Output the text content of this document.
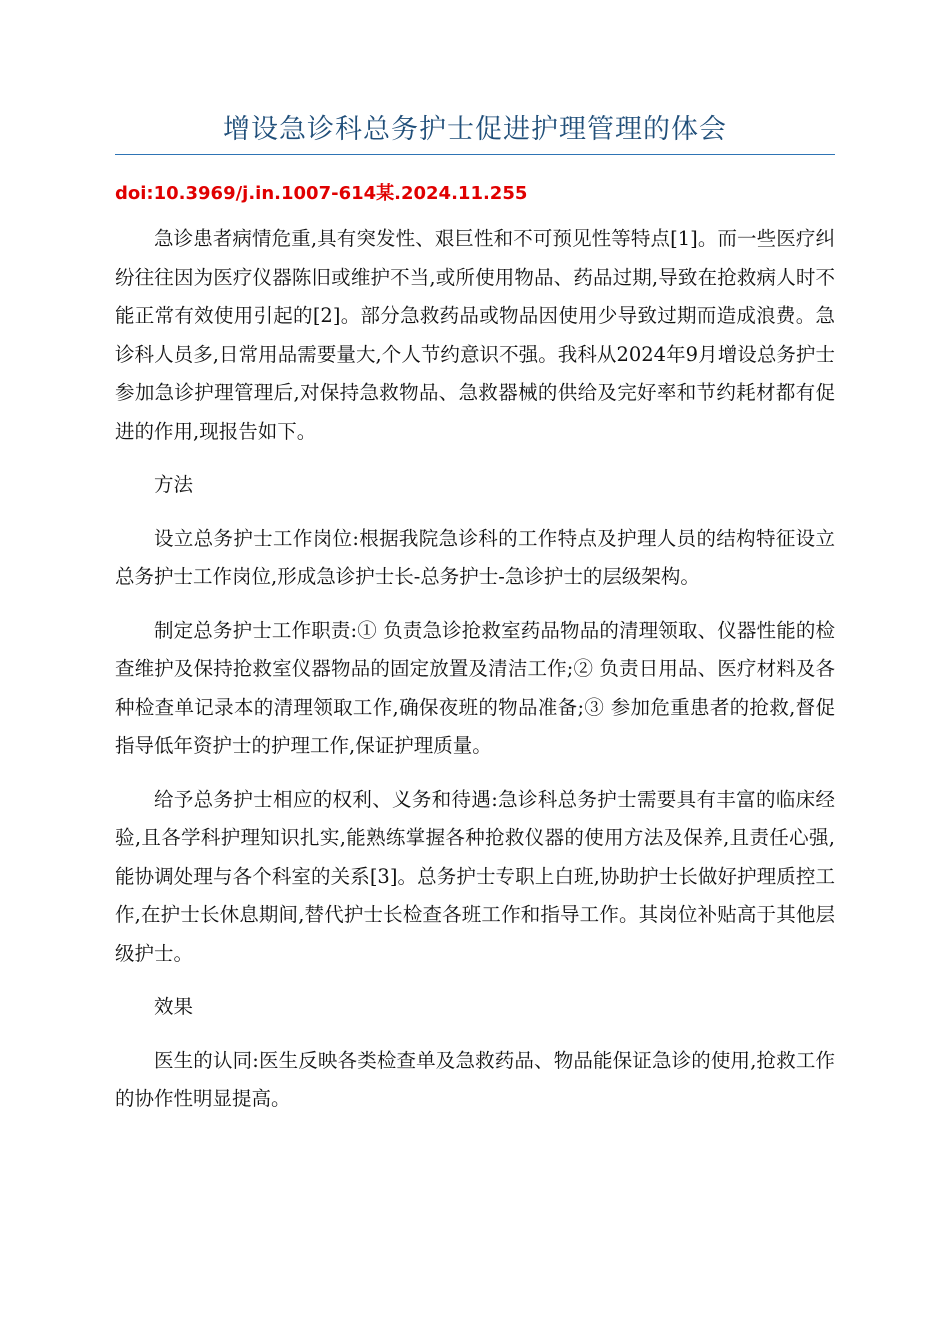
增设急诊科总务护士促进护理管理的体会
doi:10.3969/j.in.1007-614某.2024.11.255

急诊患者病情危重,具有突发性、艰巨性和不可预见性等特点[1]。而一些医疗纠纷往往因为医疗仪器陈旧或维护不当,或所使用物品、药品过期,导致在抢救病人时不能正常有效使用引起的[2]。部分急救药品或物品因使用少导致过期而造成浪费。急诊科人员多,日常用品需要量大,个人节约意识不强。我科从2024年9月增设总务护士参加急诊护理管理后,对保持急救物品、急救器械的供给及完好率和节约耗材都有促进的作用,现报告如下。

方法

设立总务护士工作岗位:根据我院急诊科的工作特点及护理人员的结构特征设立总务护士工作岗位,形成急诊护士长-总务护士-急诊护士的层级架构。

制定总务护士工作职责:① 负责急诊抢救室药品物品的清理领取、仪器性能的检查维护及保持抢救室仪器物品的固定放置及清洁工作;② 负责日用品、医疗材料及各种检查单记录本的清理领取工作,确保夜班的物品准备;③ 参加危重患者的抢救,督促指导低年资护士的护理工作,保证护理质量。

给予总务护士相应的权利、义务和待遇:急诊科总务护士需要具有丰富的临床经验,且各学科护理知识扎实,能熟练掌握各种抢救仪器的使用方法及保养,且责任心强,能协调处理与各个科室的关系[3]。总务护士专职上白班,协助护士长做好护理质控工作,在护士长休息期间,替代护士长检查各班工作和指导工作。其岗位补贴高于其他层级护士。

效果

医生的认同:医生反映各类检查单及急救药品、物品能保证急诊的使用,抢救工作的协作性明显提高。
